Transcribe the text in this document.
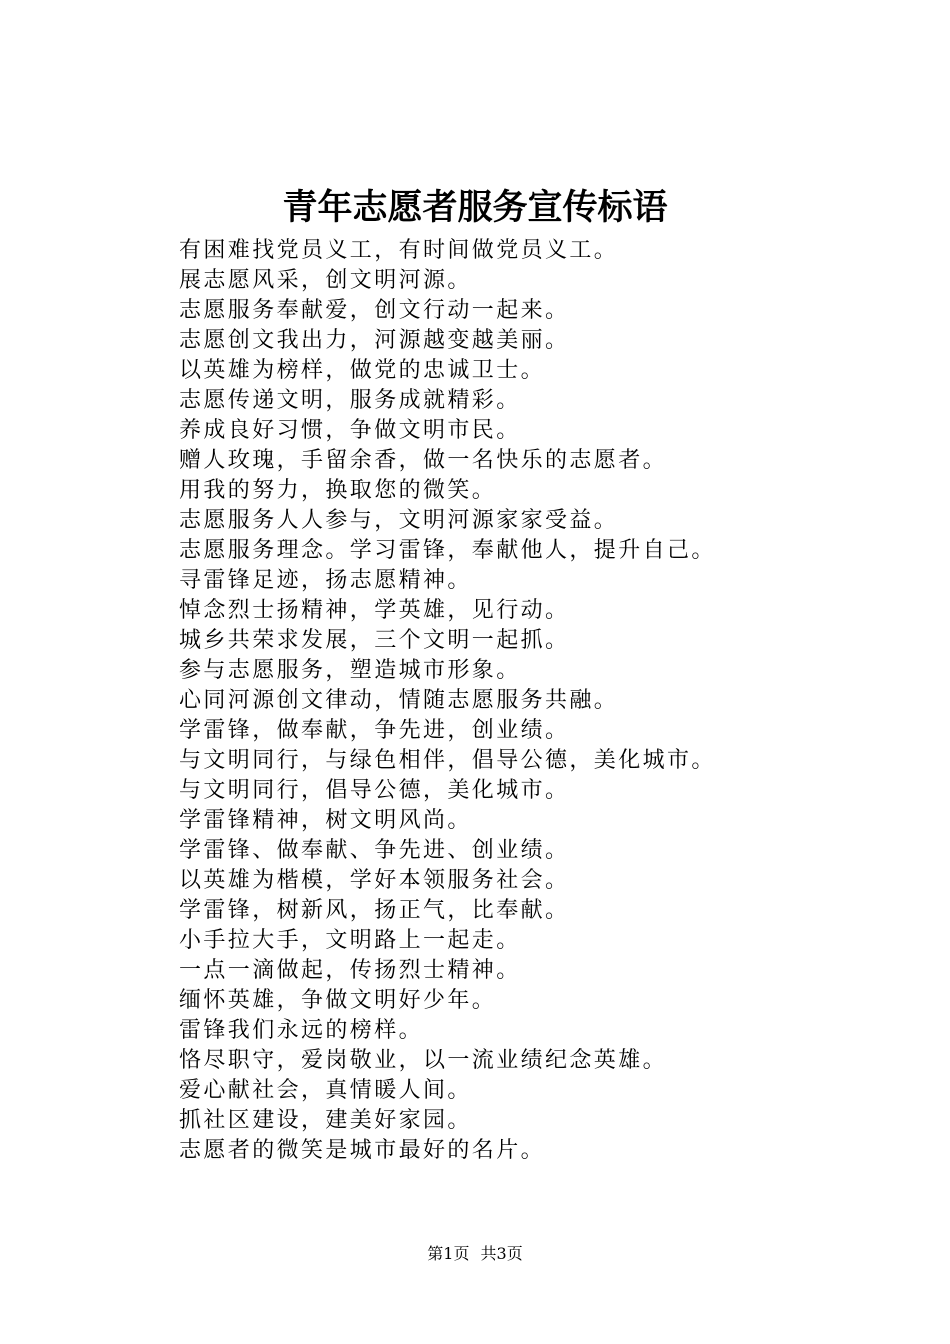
青年志愿者服务宣传标语
有困难找党员义工，有时间做党员义工。
展志愿风采，创文明河源。
志愿服务奉献爱，创文行动一起来。
志愿创文我出力，河源越变越美丽。
以英雄为榜样，做党的忠诚卫士。
志愿传递文明，服务成就精彩。
养成良好习惯，争做文明市民。
赠人玫瑰，手留余香，做一名快乐的志愿者。
用我的努力，换取您的微笑。
志愿服务人人参与，文明河源家家受益。
志愿服务理念。学习雷锋，奉献他人，提升自己。
寻雷锋足迹，扬志愿精神。
悼念烈士扬精神，学英雄，见行动。
城乡共荣求发展，三个文明一起抓。
参与志愿服务，塑造城市形象。
心同河源创文律动，情随志愿服务共融。
学雷锋，做奉献，争先进，创业绩。
与文明同行，与绿色相伴，倡导公德，美化城市。
与文明同行，倡导公德，美化城市。
学雷锋精神，树文明风尚。
学雷锋、做奉献、争先进、创业绩。
以英雄为楷模，学好本领服务社会。
学雷锋，树新风，扬正气，比奉献。
小手拉大手，文明路上一起走。
一点一滴做起，传扬烈士精神。
缅怀英雄，争做文明好少年。
雷锋我们永远的榜样。
恪尽职守，爱岗敬业，以一流业绩纪念英雄。
爱心献社会，真情暖人间。
抓社区建设，建美好家园。
志愿者的微笑是城市最好的名片。
第1页 共3页
